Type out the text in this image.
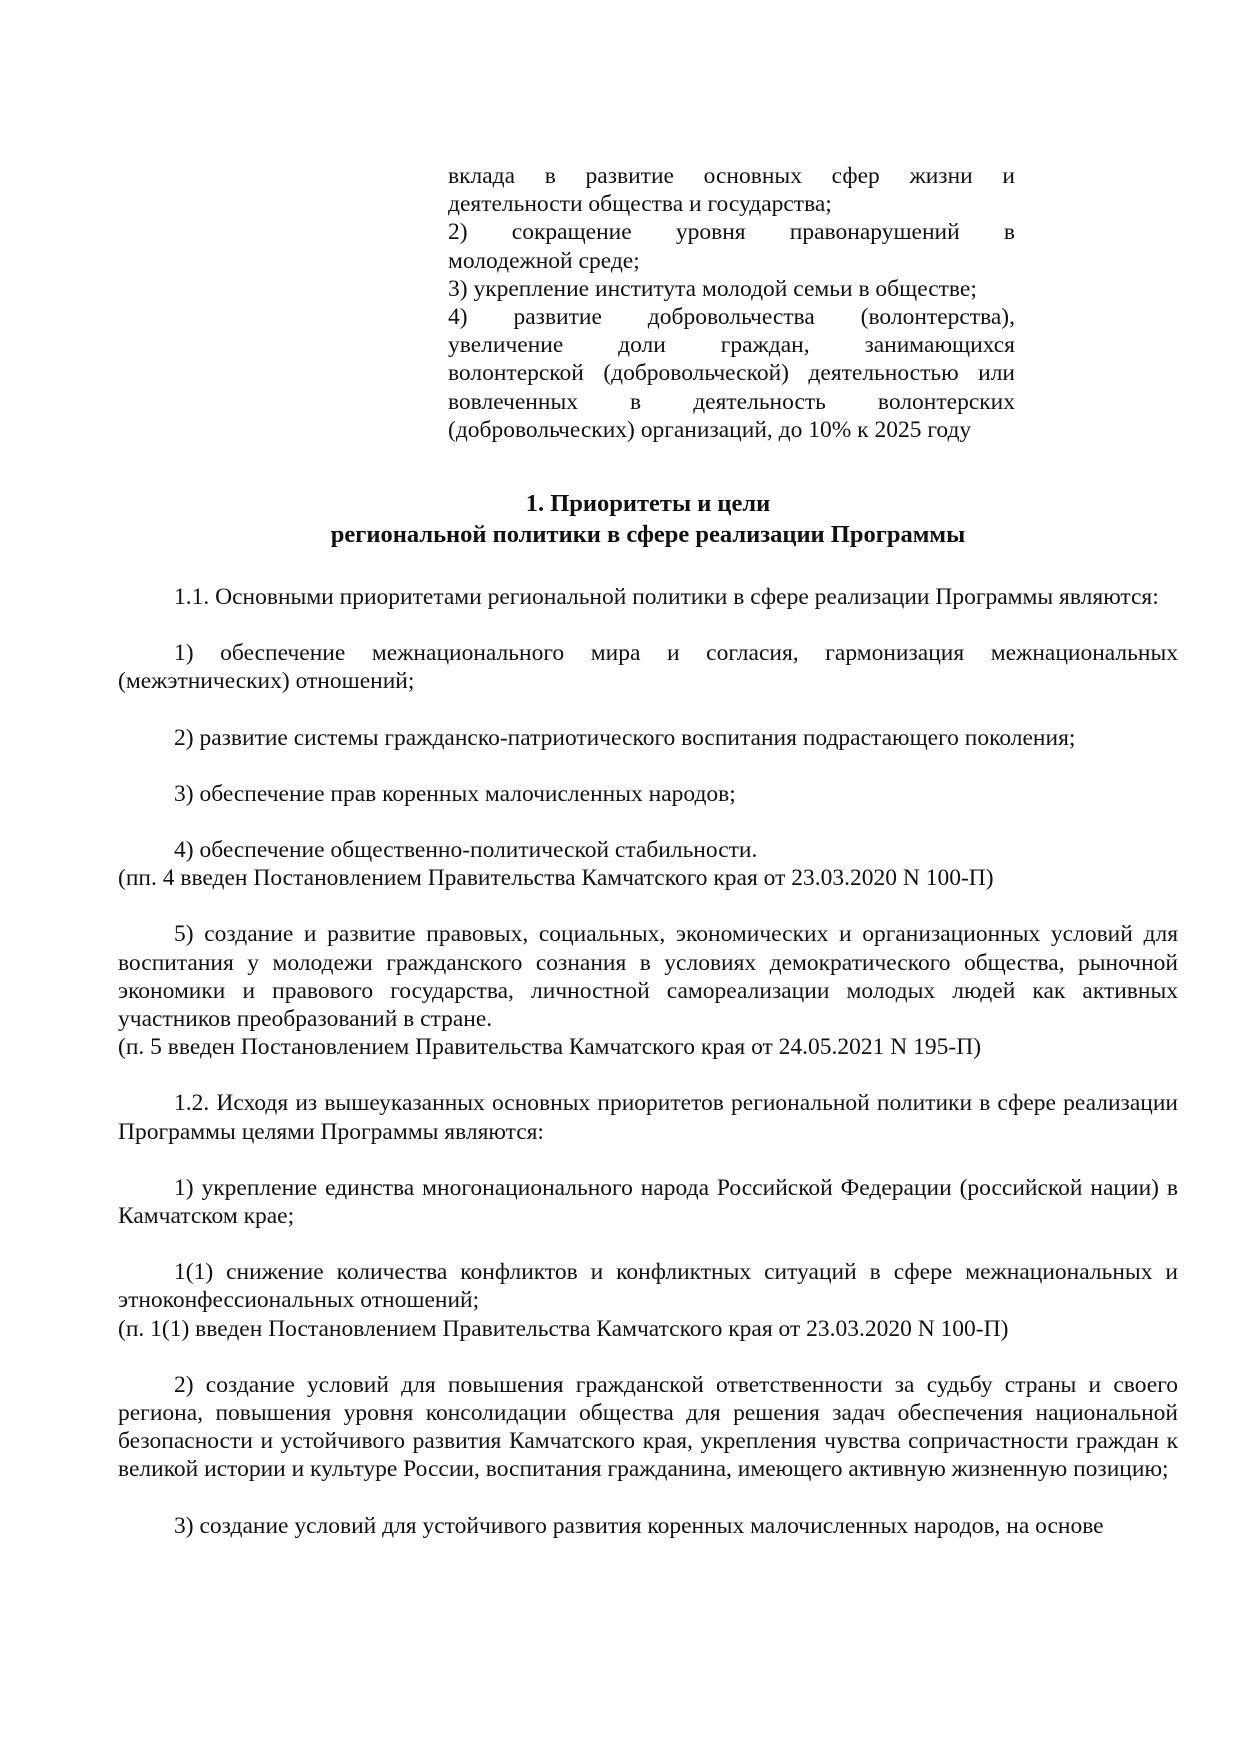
вклада в развитие основных сфер жизни и

деятельности общества и государства;

2) сокращение уровня правонарушений в

молодежной среде;

3) укрепление института молодой семьи в обществе;

4) развитие добровольчества (волонтерства),

увеличение доли граждан, занимающихся

волонтерской (добровольческой) деятельностью или

вовлеченных в деятельность волонтерских

(добровольческих) организаций, до 10% к 2025 году

1. Приоритеты и цели
региональной политики в сфере реализации Программы

1.1. Основными приоритетами региональной политики в сфере реализации Программы являются:

1) обеспечение межнационального мира и согласия, гармонизация межнациональных (межэтнических) отношений;

2) развитие системы гражданско-патриотического воспитания подрастающего поколения;

3) обеспечение прав коренных малочисленных народов;

4) обеспечение общественно-политической стабильности.

(пп. 4 введен Постановлением Правительства Камчатского края от 23.03.2020 N 100-П)

5) создание и развитие правовых, социальных, экономических и организационных условий для воспитания у молодежи гражданского сознания в условиях демократического общества, рыночной экономики и правового государства, личностной самореализации молодых людей как активных участников преобразований в стране.

(п. 5 введен Постановлением Правительства Камчатского края от 24.05.2021 N 195-П)

1.2. Исходя из вышеуказанных основных приоритетов региональной политики в сфере реализации Программы целями Программы являются:

1) укрепление единства многонационального народа Российской Федерации (российской нации) в Камчатском крае;

1(1) снижение количества конфликтов и конфликтных ситуаций в сфере межнациональных и этноконфессиональных отношений;

(п. 1(1) введен Постановлением Правительства Камчатского края от 23.03.2020 N 100-П)

2) создание условий для повышения гражданской ответственности за судьбу страны и своего региона, повышения уровня консолидации общества для решения задач обеспечения национальной безопасности и устойчивого развития Камчатского края, укрепления чувства сопричастности граждан к великой истории и культуре России, воспитания гражданина, имеющего активную жизненную позицию;

3) создание условий для устойчивого развития коренных малочисленных народов, на основе
